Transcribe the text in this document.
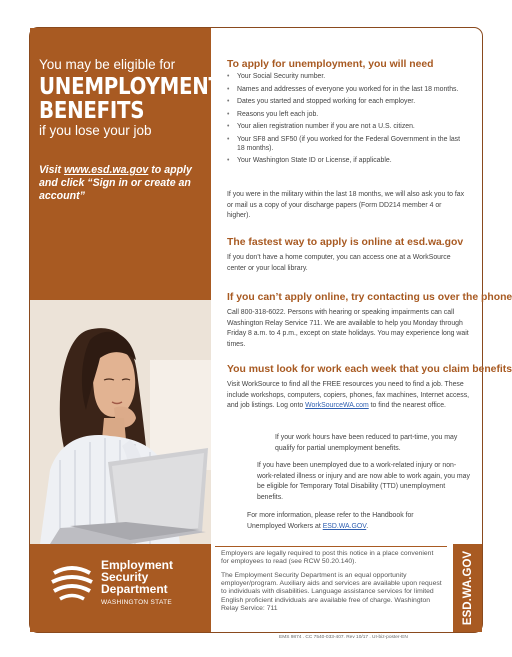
You may be eligible for
UNEMPLOYMENT
BENEFITS
if you lose your job
Visit www.esd.wa.gov to apply and click “Sign in or create an account”
Employment
Security
Department
WASHINGTON STATE
To apply for unemployment, you will need
• Your Social Security number.
• Names and addresses of everyone you worked for in the last 18 months.
• Dates you started and stopped working for each employer.
• Reasons you left each job.
• Your alien registration number if you are not a U.S. citizen.
• Your SF8 and SF50 (if you worked for the Federal Government in the last 18 months).
• Your Washington State ID or License, if applicable.
If you were in the military within the last 18 months, we will also ask you to fax or mail us a copy of your discharge papers (Form DD214 member 4 or higher).
The fastest way to apply is online at esd.wa.gov
If you don’t have a home computer, you can access one at a WorkSource center or your local library.
If you can’t apply online, try contacting us over the phone
Call 800-318-6022. Persons with hearing or speaking impairments can call Washington Relay Service 711. We are available to help you Monday through Friday 8 a.m. to 4 p.m., except on state holidays. You may experience long wait times.
You must look for work each week that you claim benefits
Visit WorkSource to find all the FREE resources you need to find a job. These include workshops, computers, copiers, phones, fax machines, Internet access, and job listings. Log onto WorkSourceWA.com to find the nearest office.
If your work hours have been reduced to part-time, you may qualify for partial unemployment benefits.
If you have been unemployed due to a work-related injury or non-work-related illness or injury and are now able to work again, you may be eligible for Temporary Total Disability (TTD) unemployment benefits.
For more information, please refer to the Handbook for Unemployed Workers at ESD.WA.GOV.
Employers are legally required to post this notice in a place convenient for employees to read (see RCW 50.20.140).
The Employment Security Department is an equal opportunity employer/program. Auxiliary aids and services are available upon request to individuals with disabilities. Language assistance services for limited English proficient individuals are available free of charge. Washington Relay Service: 711	ESD.WA.GOV
EMS 9874 . CC 7540-033-407. Rev 10/17 . UI-biz-poster-EN
